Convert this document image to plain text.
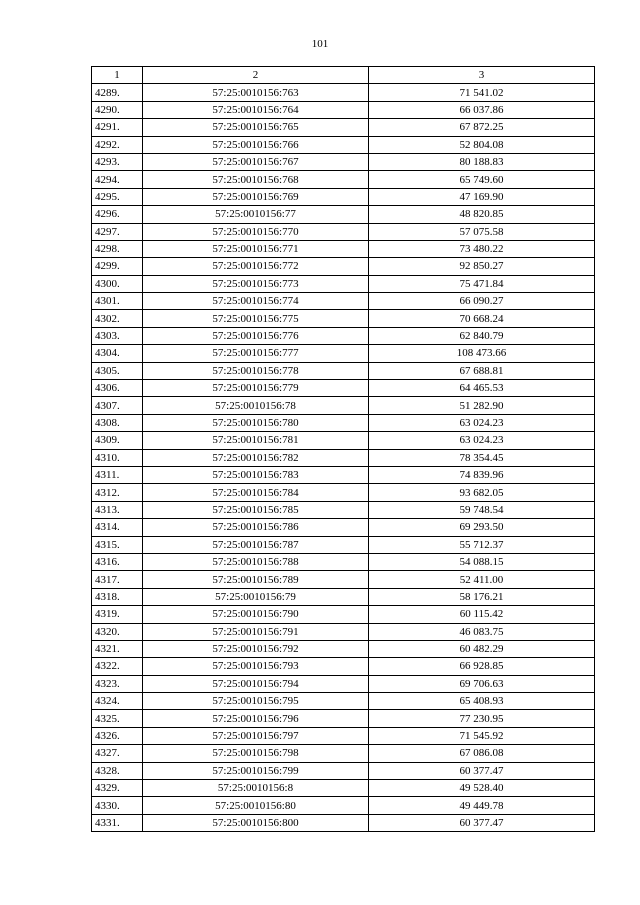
101
1	2	3
4289.	57:25:0010156:763	71 541.02
4290.	57:25:0010156:764	66 037.86
4291.	57:25:0010156:765	67 872.25
4292.	57:25:0010156:766	52 804.08
4293.	57:25:0010156:767	80 188.83
4294.	57:25:0010156:768	65 749.60
4295.	57:25:0010156:769	47 169.90
4296.	57:25:0010156:77	48 820.85
4297.	57:25:0010156:770	57 075.58
4298.	57:25:0010156:771	73 480.22
4299.	57:25:0010156:772	92 850.27
4300.	57:25:0010156:773	75 471.84
4301.	57:25:0010156:774	66 090.27
4302.	57:25:0010156:775	70 668.24
4303.	57:25:0010156:776	62 840.79
4304.	57:25:0010156:777	108 473.66
4305.	57:25:0010156:778	67 688.81
4306.	57:25:0010156:779	64 465.53
4307.	57:25:0010156:78	51 282.90
4308.	57:25:0010156:780	63 024.23
4309.	57:25:0010156:781	63 024.23
4310.	57:25:0010156:782	78 354.45
4311.	57:25:0010156:783	74 839.96
4312.	57:25:0010156:784	93 682.05
4313.	57:25:0010156:785	59 748.54
4314.	57:25:0010156:786	69 293.50
4315.	57:25:0010156:787	55 712.37
4316.	57:25:0010156:788	54 088.15
4317.	57:25:0010156:789	52 411.00
4318.	57:25:0010156:79	58 176.21
4319.	57:25:0010156:790	60 115.42
4320.	57:25:0010156:791	46 083.75
4321.	57:25:0010156:792	60 482.29
4322.	57:25:0010156:793	66 928.85
4323.	57:25:0010156:794	69 706.63
4324.	57:25:0010156:795	65 408.93
4325.	57:25:0010156:796	77 230.95
4326.	57:25:0010156:797	71 545.92
4327.	57:25:0010156:798	67 086.08
4328.	57:25:0010156:799	60 377.47
4329.	57:25:0010156:8	49 528.40
4330.	57:25:0010156:80	49 449.78
4331.	57:25:0010156:800	60 377.47
